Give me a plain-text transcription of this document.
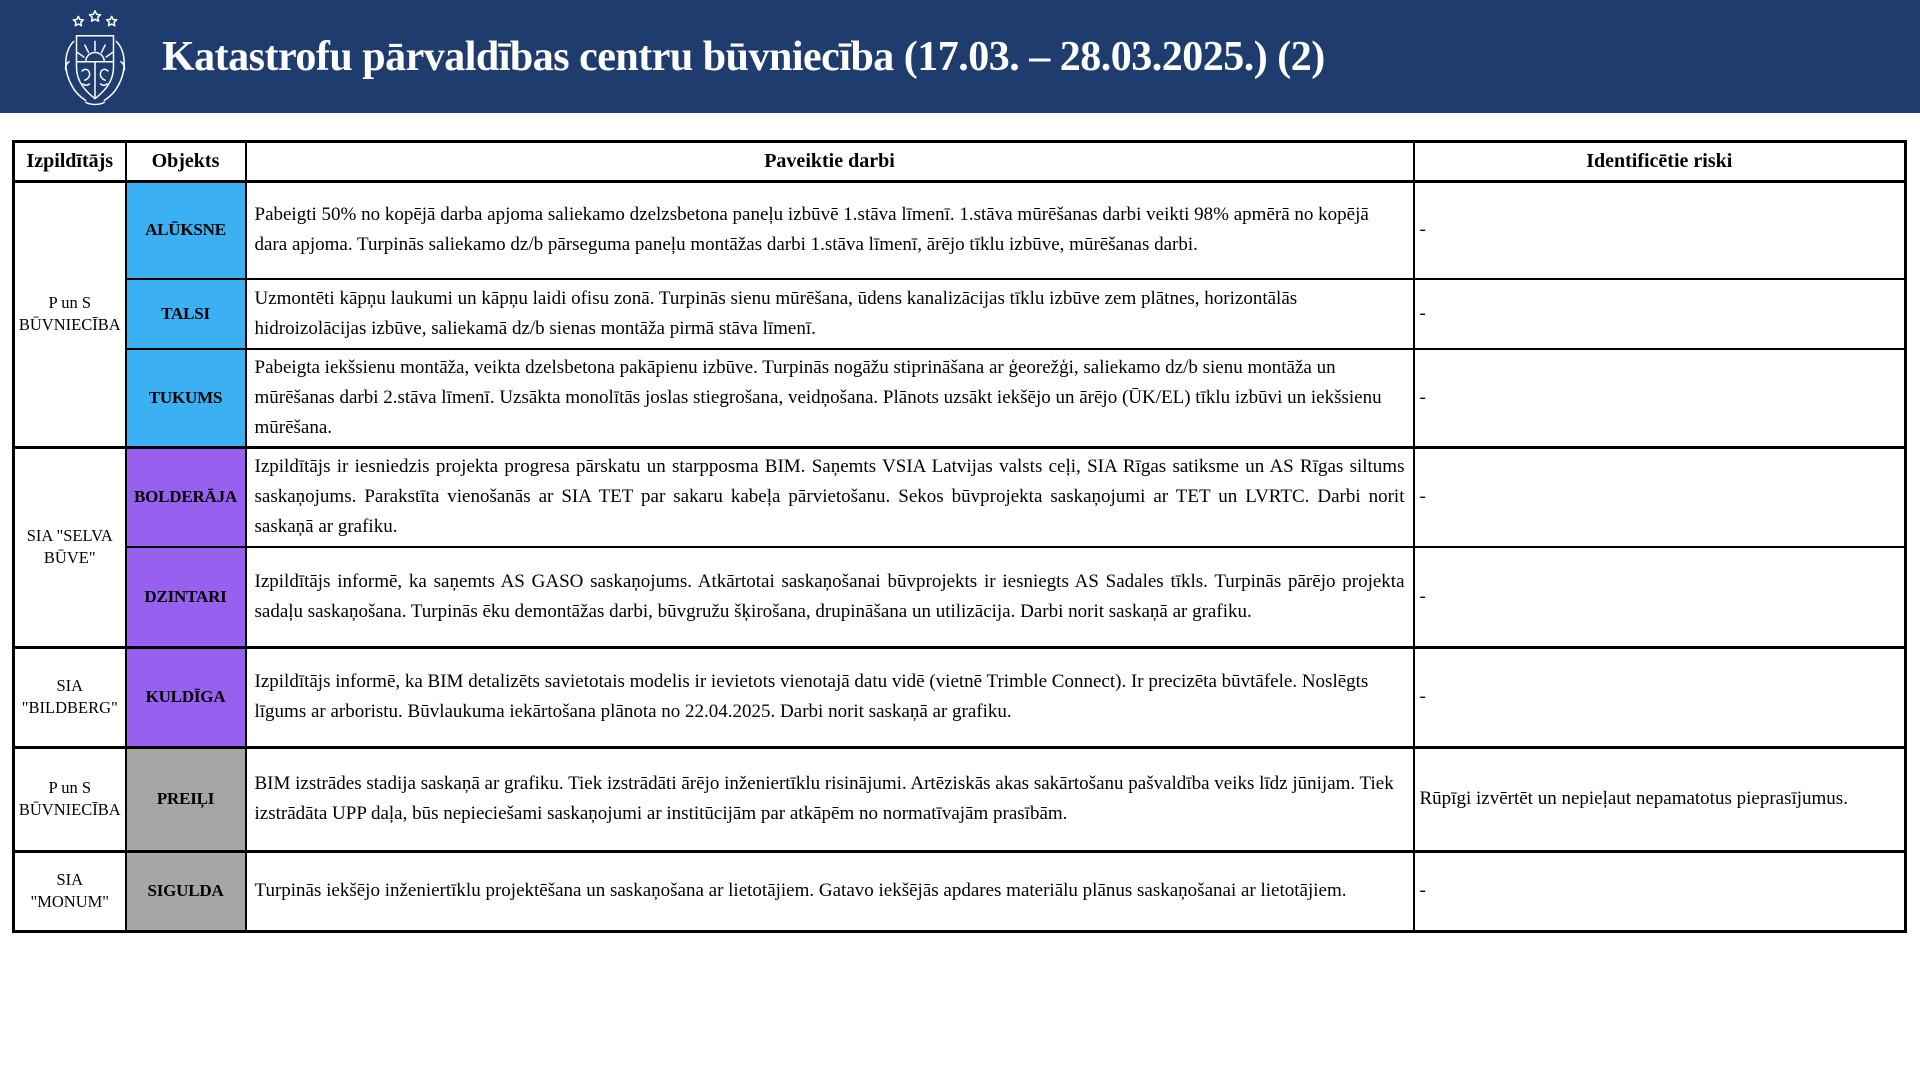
Katastrofu pārvaldības centru būvniecība (17.03. – 28.03.2025.) (2)
Izpildītājs	Objekts	Paveiktie darbi	Identificētie riski
P un S BŪVNIECĪBA	ALŪKSNE	Pabeigti 50% no kopējā darba apjoma saliekamo dzelzsbetona paneļu izbūvē 1.stāva līmenī. 1.stāva mūrēšanas darbi veikti 98% apmērā no kopējā dara apjoma. Turpinās saliekamo dz/b pārseguma paneļu montāžas darbi 1.stāva līmenī, ārējo tīklu izbūve, mūrēšanas darbi.	-
	TALSI	Uzmontēti kāpņu laukumi un kāpņu laidi ofisu zonā. Turpinās sienu mūrēšana, ūdens kanalizācijas tīklu izbūve zem plātnes, horizontālās hidroizolācijas izbūve, saliekamā dz/b sienas montāža pirmā stāva līmenī.	-
	TUKUMS	Pabeigta iekšsienu montāža, veikta dzelsbetona pakāpienu izbūve. Turpinās nogāžu stiprināšana ar ģeorežģi, saliekamo dz/b sienu montāža un mūrēšanas darbi 2.stāva līmenī. Uzsākta monolītās joslas stiegrošana, veidņošana. Plānots uzsākt iekšējo un ārējo (ŪK/EL) tīklu izbūvi un iekšsienu mūrēšana.	-
SIA "SELVA BŪVE"	BOLDERĀJA	Izpildītājs ir iesniedzis projekta progresa pārskatu un starpposma BIM. Saņemts VSIA Latvijas valsts ceļi, SIA Rīgas satiksme un AS Rīgas siltums saskaņojums. Parakstīta vienošanās ar SIA TET par sakaru kabeļa pārvietošanu. Sekos būvprojekta saskaņojumi ar TET un LVRTC. Darbi norit saskaņā ar grafiku.	-
	DZINTARI	Izpildītājs informē, ka saņemts AS GASO saskaņojums. Atkārtotai saskaņošanai būvprojekts ir iesniegts AS Sadales tīkls. Turpinās pārējo projekta sadaļu saskaņošana. Turpinās ēku demontāžas darbi, būvgružu šķirošana, drupināšana un utilizācija. Darbi norit saskaņā ar grafiku.	-
SIA "BILDBERG"	KULDĪGA	Izpildītājs informē, ka BIM detalizēts savietotais modelis ir ievietots vienotajā datu vidē (vietnē Trimble Connect). Ir precizēta būvtāfele. Noslēgts līgums ar arboristu. Būvlaukuma iekārtošana plānota no 22.04.2025. Darbi norit saskaņā ar grafiku.	-
P un S BŪVNIECĪBA	PREIĻI	BIM izstrādes stadija saskaņā ar grafiku. Tiek izstrādāti ārējo inženiertīklu risinājumi. Artēziskās akas sakārtošanu pašvaldība veiks līdz jūnijam. Tiek izstrādāta UPP daļa, būs nepieciešami saskaņojumi ar institūcijām par atkāpēm no normatīvajām prasībām.	Rūpīgi izvērtēt un nepieļaut nepamatotus pieprasījumus.
SIA "MONUM"	SIGULDA	Turpinās iekšējo inženiertīklu projektēšana un saskaņošana ar lietotājiem. Gatavo iekšējās apdares materiālu plānus saskaņošanai ar lietotājiem.	-
